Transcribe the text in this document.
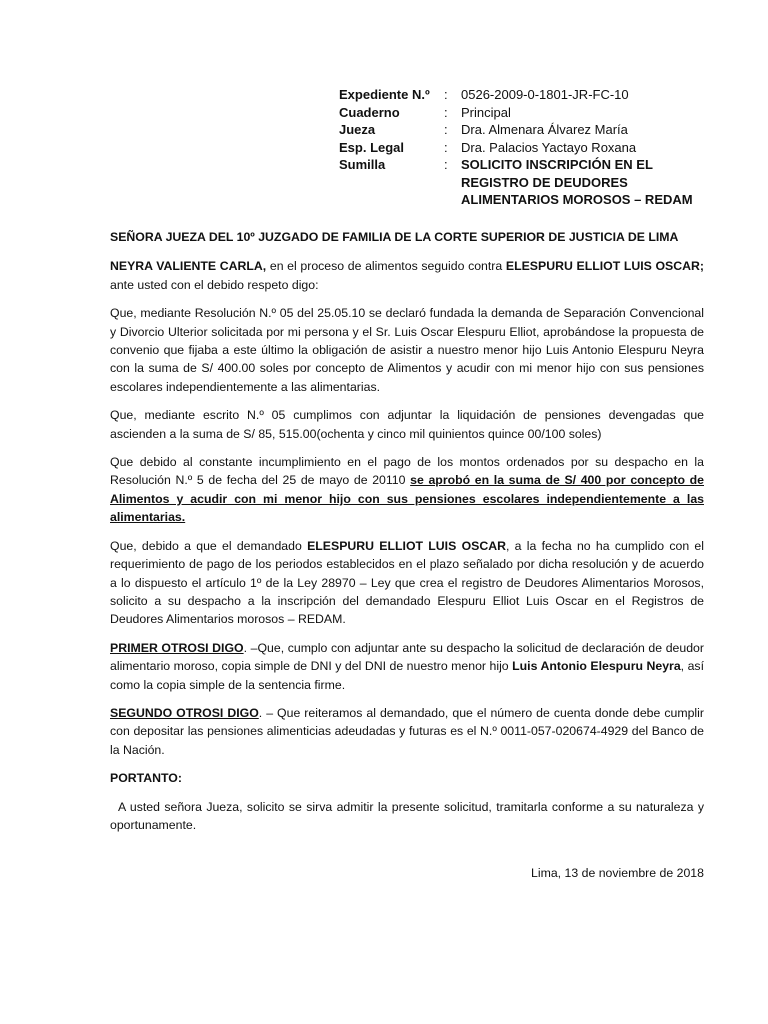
Expediente N.º	:	0526-2009-0-1801-JR-FC-10
Cuaderno	:	Principal
Jueza	:	Dra. Almenara Álvarez María
Esp. Legal	:	Dra. Palacios Yactayo Roxana
Sumilla	:	SOLICITO INSCRIPCIÓN EN EL REGISTRO DE DEUDORES ALIMENTARIOS MOROSOS – REDAM

SEÑORA JUEZA DEL 10º JUZGADO DE FAMILIA DE LA CORTE SUPERIOR DE JUSTICIA DE LIMA

NEYRA VALIENTE CARLA, en el proceso de alimentos seguido contra ELESPURU ELLIOT LUIS OSCAR; ante usted con el debido respeto digo:

Que, mediante Resolución N.º 05 del 25.05.10 se declaró fundada la demanda de Separación Convencional y Divorcio Ulterior solicitada por mi persona y el Sr. Luis Oscar Elespuru Elliot, aprobándose la propuesta de convenio que fijaba a este último la obligación de asistir a nuestro menor hijo Luis Antonio Elespuru Neyra con la suma de S/ 400.00 soles por concepto de Alimentos y acudir con mi menor hijo con sus pensiones escolares independientemente a las alimentarias.

Que, mediante escrito N.º 05 cumplimos con adjuntar la liquidación de pensiones devengadas que ascienden a la suma de S/ 85, 515.00(ochenta y cinco mil quinientos quince 00/100 soles)

Que debido al constante incumplimiento en el pago de los montos ordenados por su despacho en la Resolución N.º 5 de fecha del 25 de mayo de 20110 se aprobó en la suma de S/ 400 por concepto de Alimentos y acudir con mi menor hijo con sus pensiones escolares independientemente a las alimentarias.

Que, debido a que el demandado ELESPURU ELLIOT LUIS OSCAR, a la fecha no ha cumplido con el requerimiento de pago de los periodos establecidos en el plazo señalado por dicha resolución y de acuerdo a lo dispuesto el artículo 1º de la Ley 28970 – Ley que crea el registro de Deudores Alimentarios Morosos, solicito a su despacho a la inscripción del demandado Elespuru Elliot Luis Oscar en el Registros de Deudores Alimentarios morosos – REDAM.

PRIMER OTROSI DIGO. –Que, cumplo con adjuntar ante su despacho la solicitud de declaración de deudor alimentario moroso, copia simple de DNI y del DNI de nuestro menor hijo Luis Antonio Elespuru Neyra, así como la copia simple de la sentencia firme.

SEGUNDO OTROSI DIGO. – Que reiteramos al demandado, que el número de cuenta donde debe cumplir con depositar las pensiones alimenticias adeudadas y futuras es el N.º 0011-057-020674-4929 del Banco de la Nación.

PORTANTO:

A usted señora Jueza, solicito se sirva admitir la presente solicitud, tramitarla conforme a su naturaleza y oportunamente.

Lima, 13 de noviembre de 2018
